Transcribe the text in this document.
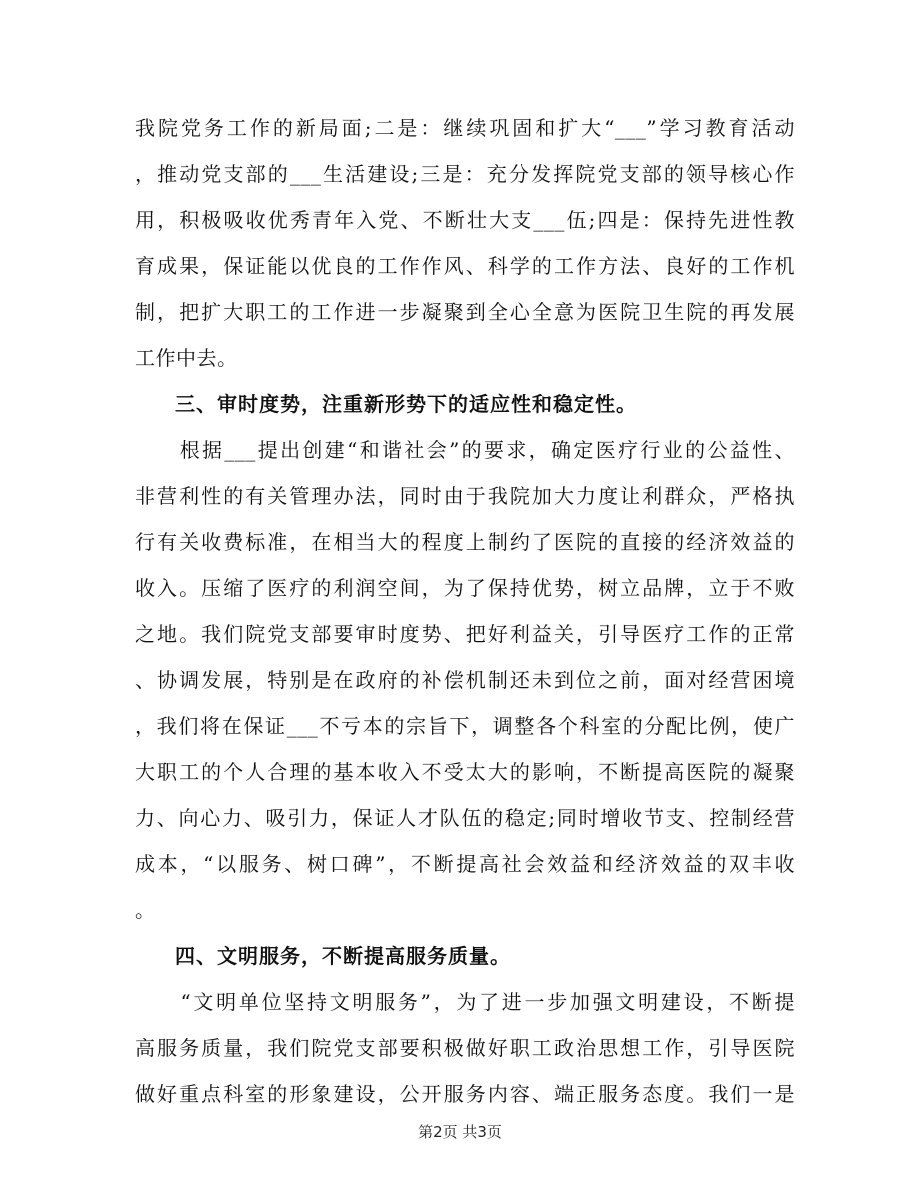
我院党务工作的新局面;二是：继续巩固和扩大“___”学习教育活动
，推动党支部的___生活建设;三是：充分发挥院党支部的领导核心作
用，积极吸收优秀青年入党、不断壮大支___伍;四是：保持先进性教
育成果，保证能以优良的工作作风、科学的工作方法、良好的工作机
制，把扩大职工的工作进一步凝聚到全心全意为医院卫生院的再发展
工作中去。
三、审时度势，注重新形势下的适应性和稳定性。
　　根据___提出创建“和谐社会”的要求，确定医疗行业的公益性、
非营利性的有关管理办法，同时由于我院加大力度让利群众，严格执
行有关收费标准，在相当大的程度上制约了医院的直接的经济效益的
收入。压缩了医疗的利润空间，为了保持优势，树立品牌，立于不败
之地。我们院党支部要审时度势、把好利益关，引导医疗工作的正常
、协调发展，特别是在政府的补偿机制还未到位之前，面对经营困境
，我们将在保证___不亏本的宗旨下，调整各个科室的分配比例，使广
大职工的个人合理的基本收入不受太大的影响，不断提高医院的凝聚
力、向心力、吸引力，保证人才队伍的稳定;同时增收节支、控制经营
成本，“以服务、树口碑”，不断提高社会效益和经济效益的双丰收
。
四、文明服务，不断提高服务质量。
　　“文明单位坚持文明服务”，为了进一步加强文明建设，不断提
高服务质量，我们院党支部要积极做好职工政治思想工作，引导医院
做好重点科室的形象建设，公开服务内容、端正服务态度。我们一是
第2页 共3页
